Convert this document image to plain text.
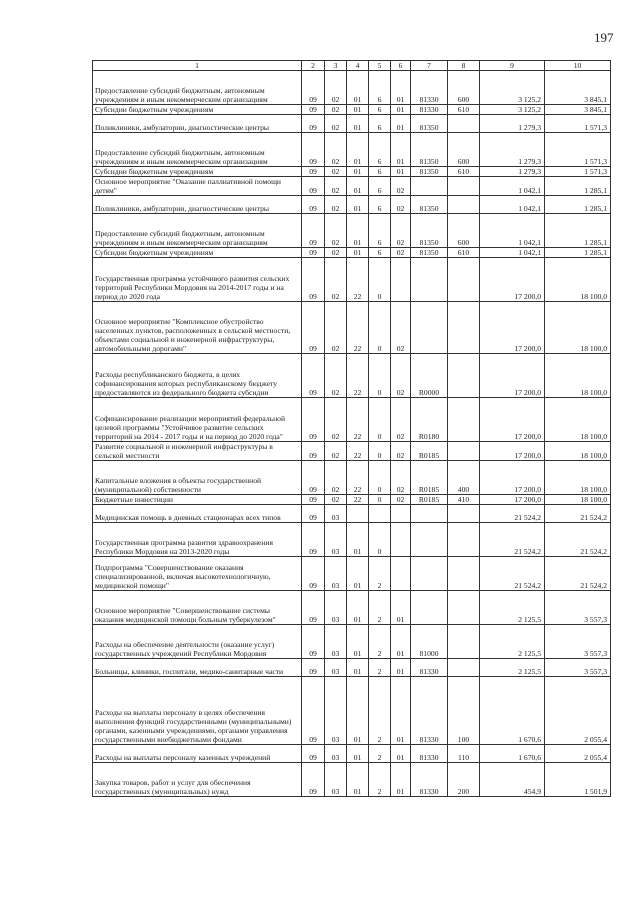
197
1	2	3	4	5	6	7	8	9	10
Предоставление субсидий бюджетным, автономным учреждениям и иным некоммерческим организациям	09	02	01	6	01	81330	600	3 125,2	3 845,1
Субсидии бюджетным учреждениям	09	02	01	6	01	81330	610	3 125,2	3 845,1
Поликлиники, амбулатории, диагностические центры	09	02	01	6	01	81350		1 279,3	1 571,3
Предоставление субсидий бюджетным, автономным учреждениям и иным некоммерческим организациям	09	02	01	6	01	81350	600	1 279,3	1 571,3
Субсидии бюджетным учреждениям	09	02	01	6	01	81350	610	1 279,3	1 571,3
Основное мероприятие "Оказание паллиативной помощи детям"	09	02	01	6	02			1 042,1	1 285,1
Поликлиники, амбулатории, диагностические центры	09	02	01	6	02	81350		1 042,1	1 285,1
Предоставление субсидий бюджетным, автономным учреждениям и иным некоммерческим организациям	09	02	01	6	02	81350	600	1 042,1	1 285,1
Субсидии бюджетным учреждениям	09	02	01	6	02	81350	610	1 042,1	1 285,1
Государственная программа устойчивого развития сельских территорий Республики Мордовия на 2014-2017 годы и на период до 2020 года	09	02	22	0				17 200,0	18 100,0
Основное мероприятие "Комплексное обустройство населенных пунктов, расположенных в сельской местности, объектами социальной и инженерной инфраструктуры, автомобильными дорогами"	09	02	22	0	02			17 200,0	18 100,0
Расходы республиканского бюджета, в целях софинансирования которых республиканскому бюджету предоставляются из федерального бюджета субсидии	09	02	22	0	02	R0000		17 200,0	18 100,0
Софинансирование реализации мероприятий федеральной целевой программы "Устойчивое развитие сельских территорий на 2014 - 2017 годы и на период до 2020 года"	09	02	22	0	02	R0180		17 200,0	18 100,0
Развитие социальной и инженерной инфраструктуры в сельской местности	09	02	22	0	02	R0185		17 200,0	18 100,0
Капитальные вложения в объекты государственной (муниципальной) собственности	09	02	22	0	02	R0185	400	17 200,0	18 100,0
Бюджетные инвестиции	09	02	22	0	02	R0185	410	17 200,0	18 100,0
Медицинская помощь в дневных стационарах всех типов	09	03						21 524,2	21 524,2
Государственная программа развития здравоохранения Республики Мордовия на 2013-2020 годы	09	03	01	0				21 524,2	21 524,2
Подпрограмма "Совершенствование оказания специализированной, включая высокотехнологичную, медицинской помощи"	09	03	01	2				21 524,2	21 524,2
Основное мероприятие "Совершенствование системы оказания медицинской помощи больным туберкулезом"	09	03	01	2	01			2 125,5	3 557,3
Расходы на обеспечение деятельности (оказание услуг) государственных учреждений Республики Мордовия	09	03	01	2	01	81000		2 125,5	3 557,3
Больницы, клиники, госпитали, медико-санитарные части	09	03	01	2	01	81330		2 125,5	3 557,3
Расходы на выплаты персоналу в целях обеспечения выполнения функций государственными (муниципальными) органами, казенными учреждениями, органами управления государственными внебюджетными фондами	09	03	01	2	01	81330	100	1 670,6	2 055,4
Расходы на выплаты персоналу казенных учреждений	09	03	01	2	01	81330	110	1 670,6	2 055,4
Закупка товаров, работ и услуг для обеспечения государственных (муниципальных) нужд	09	03	01	2	01	81330	200	454,9	1 501,9
